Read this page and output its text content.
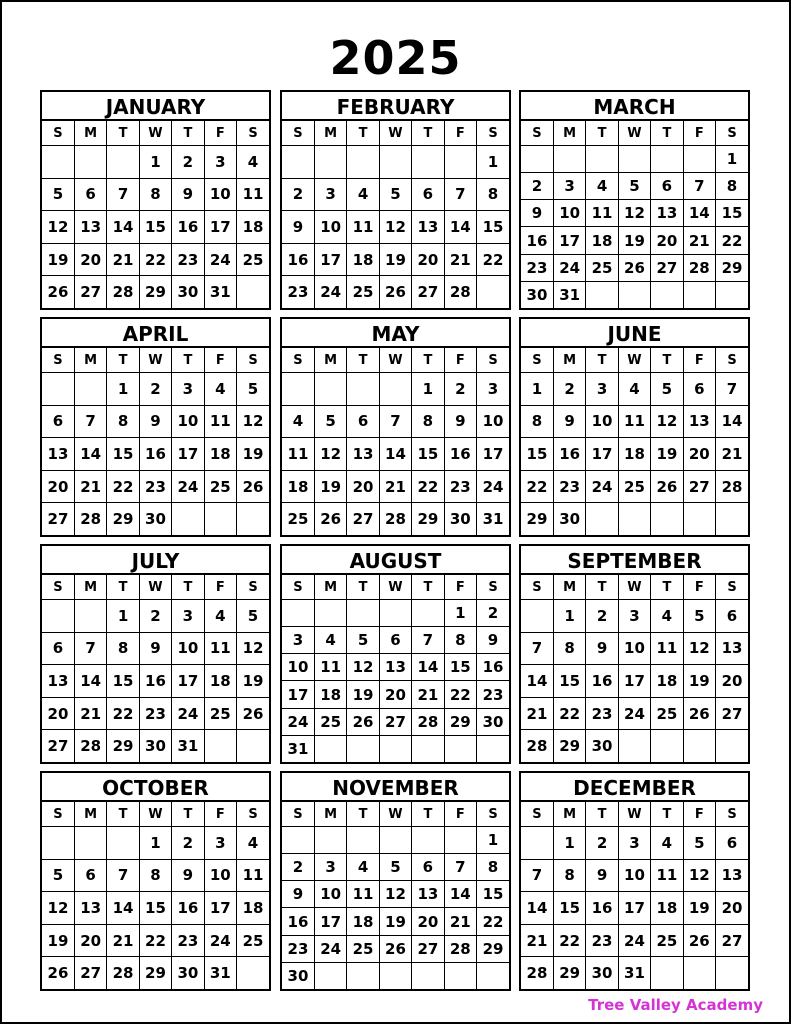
2025
JANUARY
S	M	T	W	T	F	S
			1	2	3	4
5	6	7	8	9	10	11
12	13	14	15	16	17	18
19	20	21	22	23	24	25
26	27	28	29	30	31	
FEBRUARY
S	M	T	W	T	F	S
						1
2	3	4	5	6	7	8
9	10	11	12	13	14	15
16	17	18	19	20	21	22
23	24	25	26	27	28	
MARCH
S	M	T	W	T	F	S
						1
2	3	4	5	6	7	8
9	10	11	12	13	14	15
16	17	18	19	20	21	22
23	24	25	26	27	28	29
30	31					
APRIL
S	M	T	W	T	F	S
		1	2	3	4	5
6	7	8	9	10	11	12
13	14	15	16	17	18	19
20	21	22	23	24	25	26
27	28	29	30			
MAY
S	M	T	W	T	F	S
				1	2	3
4	5	6	7	8	9	10
11	12	13	14	15	16	17
18	19	20	21	22	23	24
25	26	27	28	29	30	31
JUNE
S	M	T	W	T	F	S
1	2	3	4	5	6	7
8	9	10	11	12	13	14
15	16	17	18	19	20	21
22	23	24	25	26	27	28
29	30					
JULY
S	M	T	W	T	F	S
		1	2	3	4	5
6	7	8	9	10	11	12
13	14	15	16	17	18	19
20	21	22	23	24	25	26
27	28	29	30	31		
AUGUST
S	M	T	W	T	F	S
					1	2
3	4	5	6	7	8	9
10	11	12	13	14	15	16
17	18	19	20	21	22	23
24	25	26	27	28	29	30
31						
SEPTEMBER
S	M	T	W	T	F	S
	1	2	3	4	5	6
7	8	9	10	11	12	13
14	15	16	17	18	19	20
21	22	23	24	25	26	27
28	29	30				
OCTOBER
S	M	T	W	T	F	S
			1	2	3	4
5	6	7	8	9	10	11
12	13	14	15	16	17	18
19	20	21	22	23	24	25
26	27	28	29	30	31	
NOVEMBER
S	M	T	W	T	F	S
						1
2	3	4	5	6	7	8
9	10	11	12	13	14	15
16	17	18	19	20	21	22
23	24	25	26	27	28	29
30						
DECEMBER
S	M	T	W	T	F	S
	1	2	3	4	5	6
7	8	9	10	11	12	13
14	15	16	17	18	19	20
21	22	23	24	25	26	27
28	29	30	31			
Tree Valley Academy
